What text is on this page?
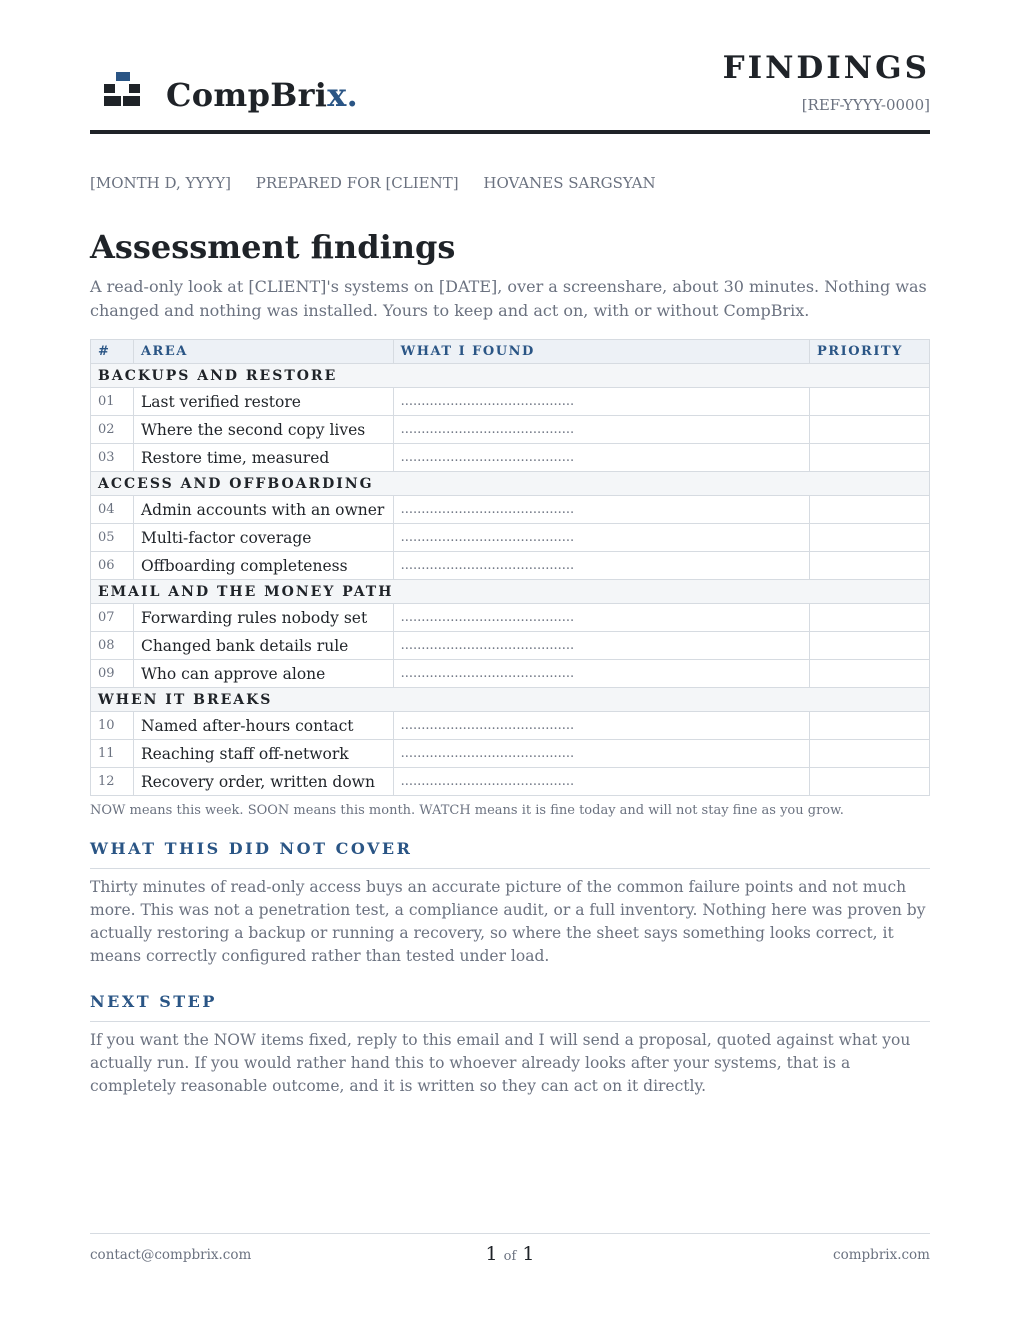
CompBrix.
FINDINGS
[REF-YYYY-0000]
[MONTH D, YYYY] PREPARED FOR [CLIENT] HOVANES SARGSYAN
Assessment findings

A read-only look at [CLIENT]'s systems on [DATE], over a screenshare, about 30 minutes. Nothing was changed and nothing was installed. Yours to keep and act on, with or without CompBrix.

#	AREA	WHAT I FOUND	PRIORITY
BACKUPS AND RESTORE			
01	Last verified restore	..........................................	
02	Where the second copy lives	..........................................	
03	Restore time, measured	..........................................	
ACCESS AND OFFBOARDING			
04	Admin accounts with an owner	..........................................	
05	Multi-factor coverage	..........................................	
06	Offboarding completeness	..........................................	
EMAIL AND THE MONEY PATH			
07	Forwarding rules nobody set	..........................................	
08	Changed bank details rule	..........................................	
09	Who can approve alone	..........................................	
WHEN IT BREAKS			
10	Named after-hours contact	..........................................	
11	Reaching staff off-network	..........................................	
12	Recovery order, written down	..........................................	
NOW means this week. SOON means this month. WATCH means it is fine today and will not stay fine as you grow.
WHAT THIS DID NOT COVER

Thirty minutes of read-only access buys an accurate picture of the common failure points and not much more. This was not a penetration test, a compliance audit, or a full inventory. Nothing here was proven by actually restoring a backup or running a recovery, so where the sheet says something looks correct, it means correctly configured rather than tested under load.

NEXT STEP

If you want the NOW items fixed, reply to this email and I will send a proposal, quoted against what you actually run. If you would rather hand this to whoever already looks after your systems, that is a completely reasonable outcome, and it is written so they can act on it directly.

contact@compbrix.com	1 of 1	compbrix.com
